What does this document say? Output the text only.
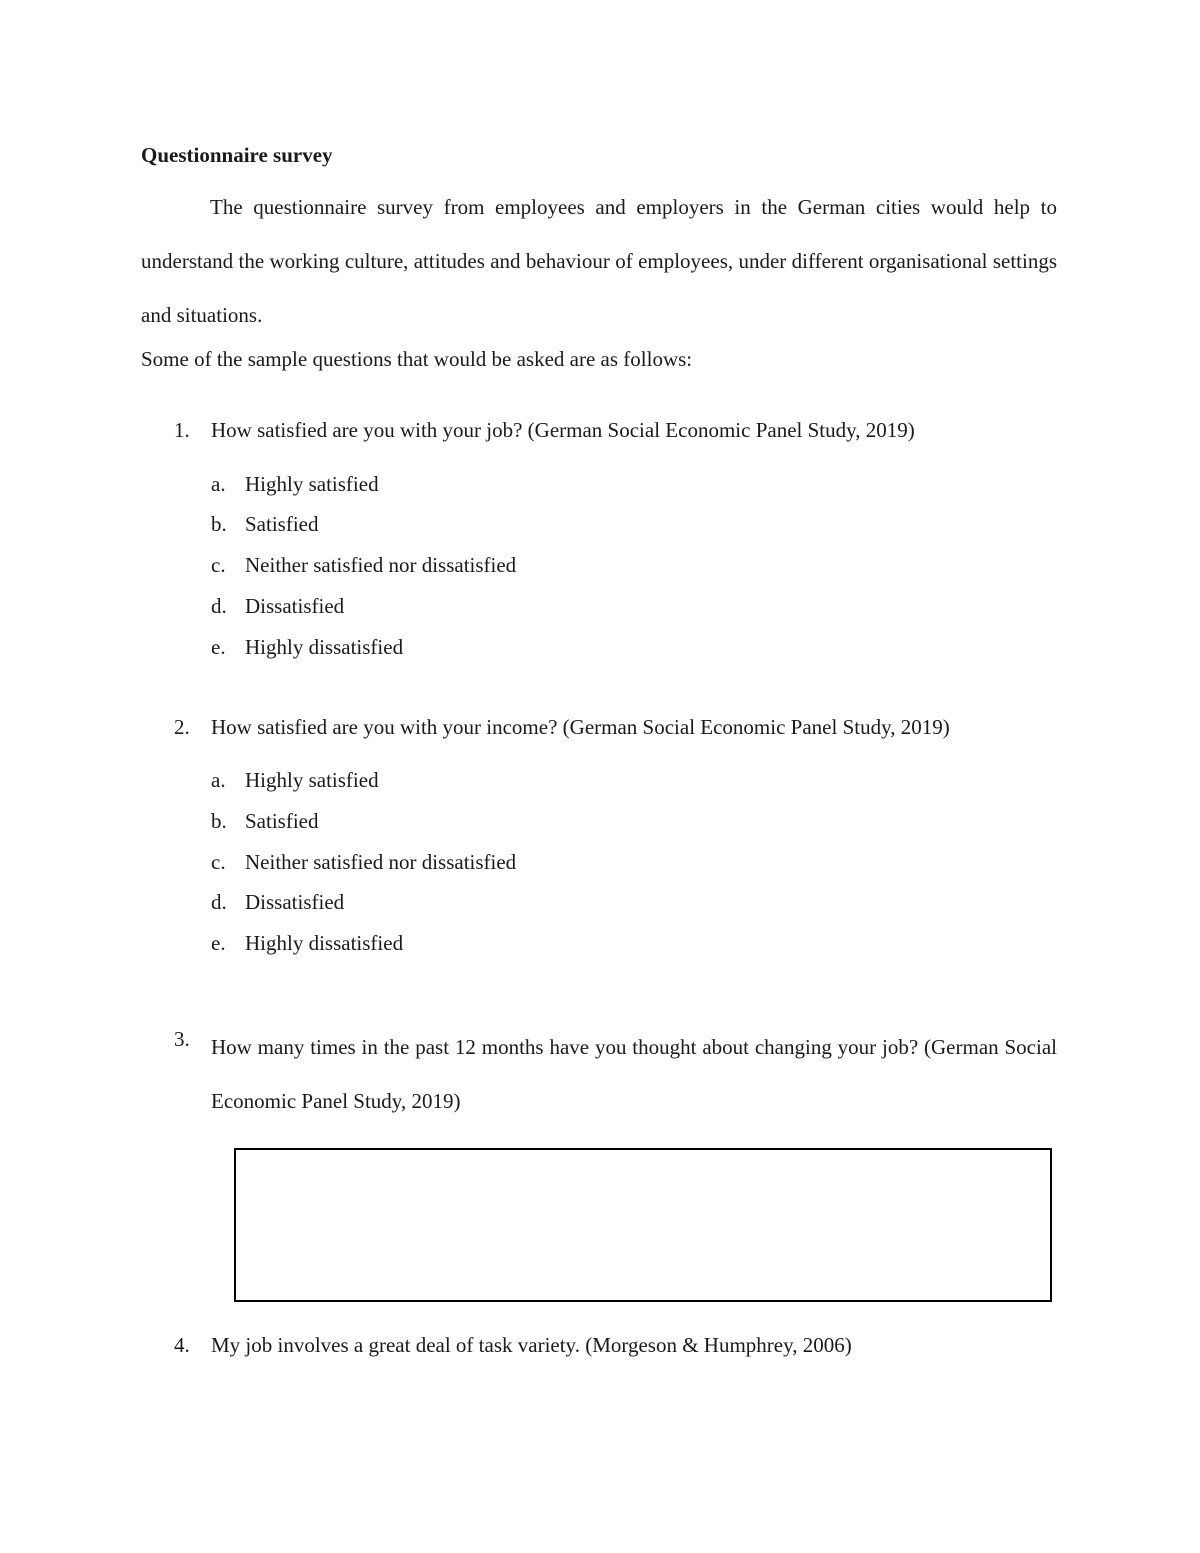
Questionnaire survey

The questionnaire survey from employees and employers in the German cities would help to understand the working culture, attitudes and behaviour of employees, under different organisational settings and situations.

Some of the sample questions that would be asked are as follows:
1. How satisfied are you with your job? (German Social Economic Panel Study, 2019)
a. Highly satisfied
b. Satisfied
c. Neither satisfied nor dissatisfied
d. Dissatisfied
e. Highly dissatisfied
2. How satisfied are you with your income? (German Social Economic Panel Study, 2019)
a. Highly satisfied
b. Satisfied
c. Neither satisfied nor dissatisfied
d. Dissatisfied
e. Highly dissatisfied
3. How many times in the past 12 months have you thought about changing your job? (German Social Economic Panel Study, 2019)

4. My job involves a great deal of task variety. (Morgeson & Humphrey, 2006)
